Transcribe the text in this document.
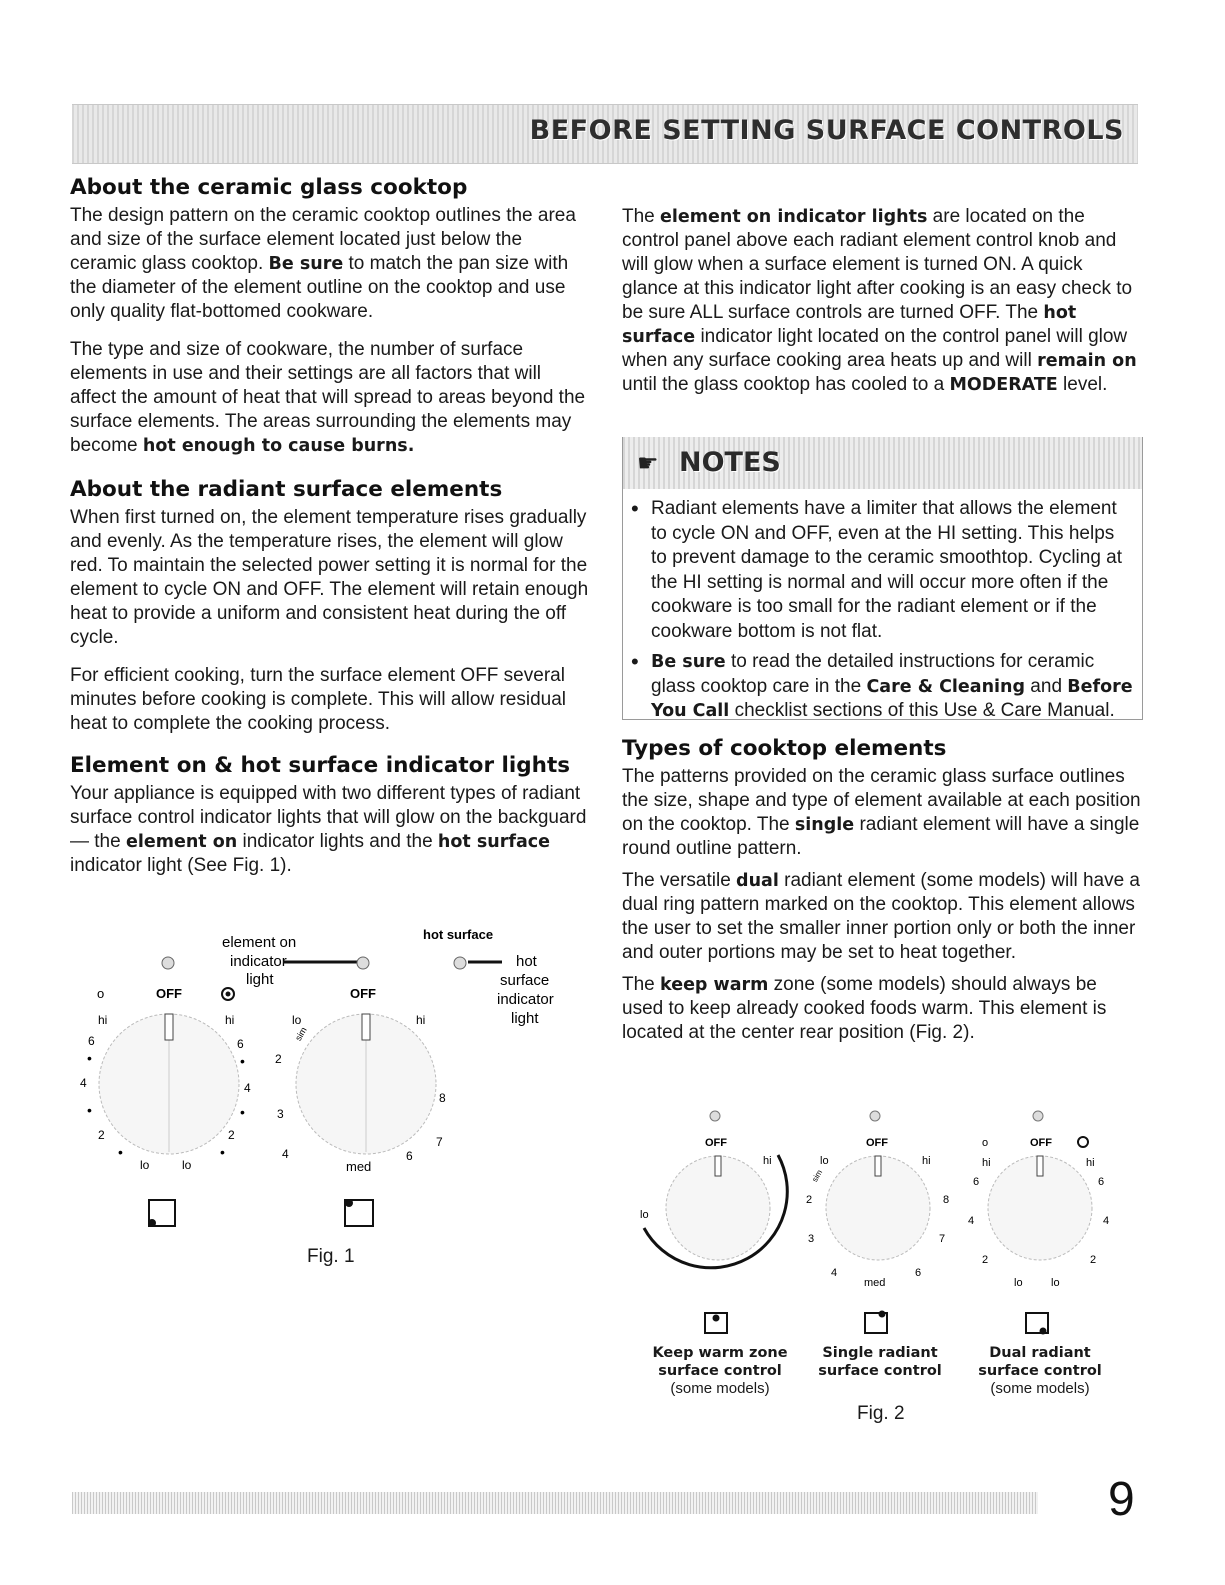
BEFORE SETTING SURFACE CONTROLS
About the ceramic glass cooktop

The design pattern on the ceramic cooktop outlines the area and size of the surface element located just below the ceramic glass cooktop. Be sure to match the pan size with the diameter of the element outline on the cooktop and use only quality flat-bottomed cookware.

The type and size of cookware, the number of surface elements in use and their settings are all factors that will affect the amount of heat that will spread to areas beyond the surface elements. The areas surrounding the elements may become hot enough to cause burns.

About the radiant surface elements

When first turned on, the element temperature rises gradually and evenly. As the temperature rises, the element will glow red. To maintain the selected power setting it is normal for the element to cycle ON and OFF. The element will retain enough heat to provide a uniform and consistent heat during the off cycle.

For efficient cooking, turn the surface element OFF several minutes before cooking is complete. This will allow residual heat to complete the cooking process.

Element on & hot surface indicator lights

Your appliance is equipped with two different types of radiant surface control indicator lights that will glow on the backguard — the element on indicator lights and the hot surface indicator light (See Fig. 1).

The element on indicator lights are located on the control panel above each radiant element control knob and will glow when a surface element is turned ON. A quick glance at this indicator light after cooking is an easy check to be sure ALL surface controls are turned OFF. The hot surface indicator light located on the control panel will glow when any surface cooking area heats up and will remain on until the glass cooktop has cooled to a MODERATE level.

☛ NOTES
• Radiant elements have a limiter that allows the element to cycle ON and OFF, even at the HI setting. This helps to prevent damage to the ceramic smoothtop. Cycling at the HI setting is normal and will occur more often if the cookware is too small for the radiant element or if the cookware bottom is not flat.
• Be sure to read the detailed instructions for ceramic glass cooktop care in the Care & Cleaning and Before You Call checklist sections of this Use & Care Manual.
Types of cooktop elements

The patterns provided on the ceramic glass surface outlines the size, shape and type of element available at each position on the cooktop. The single radiant element will have a single round outline pattern.

The versatile dual radiant element (some models) will have a dual ring pattern marked on the cooktop. This element allows the user to set the smaller inner portion only or both the inner and outer portions may be set to heat together.

The keep warm zone (some models) should always be used to keep already cooked foods warm. This element is located at the center rear position (Fig. 2).

element on
indicator
light
hot surface
hot
surface
indicator
light
o	OFF
hi	hi
6	6
•	•
4	4
•	•
2	2
•	•
lo	lo
OFF
lo	hi
sim
2
8
3
7
4	6
med
Fig. 1
OFF
hi
lo
OFF
lo	hi
sim
2	8
3	7
4	6
med
o	OFF
hi	hi
6	6
4	4
2	2
lo	lo
Keep warm zone
surface control
(some models)
Single radiant
surface control
Dual radiant
surface control
(some models)
Fig. 2
9
